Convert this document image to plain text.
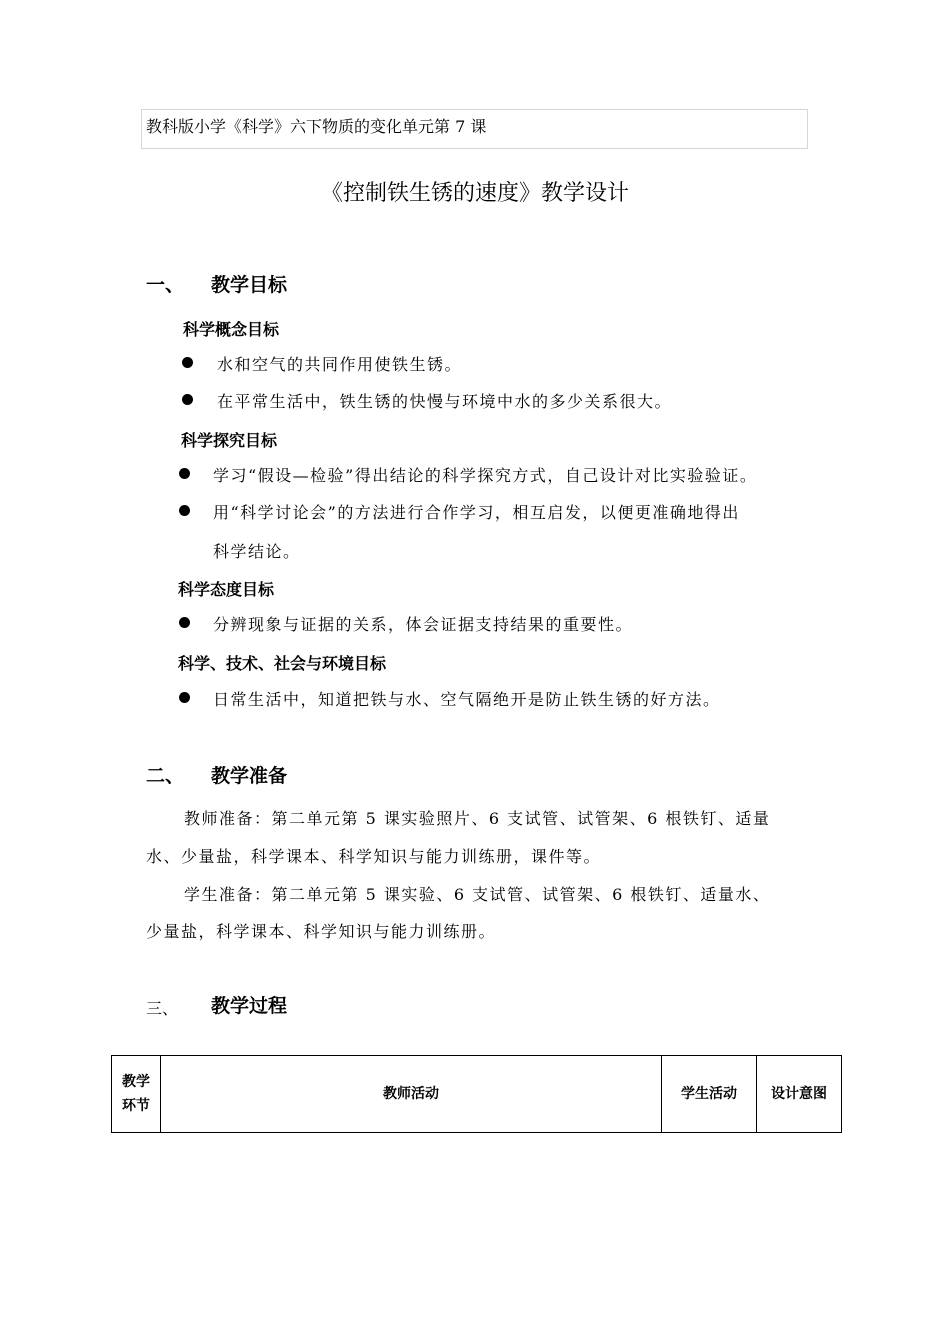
教科版小学《科学》六下物质的变化单元第 7 课
《控制铁生锈的速度》教学设计
一、 教学目标
科学概念目标
水和空气的共同作用使铁生锈。
在平常生活中，铁生锈的快慢与环境中水的多少关系很大。
科学探究目标
学习“假设—检验”得出结论的科学探究方式，自己设计对比实验验证。
用“科学讨论会”的方法进行合作学习，相互启发，以便更准确地得出
科学结论。
科学态度目标
分辨现象与证据的关系，体会证据支持结果的重要性。
科学、技术、社会与环境目标
日常生活中，知道把铁与水、空气隔绝开是防止铁生锈的好方法。
二、 教学准备
教师准备：第二单元第 5 课实验照片、6 支试管、试管架、6 根铁钉、适量
水、少量盐，科学课本、科学知识与能力训练册，课件等。
学生准备：第二单元第 5 课实验、6 支试管、试管架、6 根铁钉、适量水、
少量盐，科学课本、科学知识与能力训练册。
三、 教学过程
教学
环节
	教师活动	学生活动	设计意图
